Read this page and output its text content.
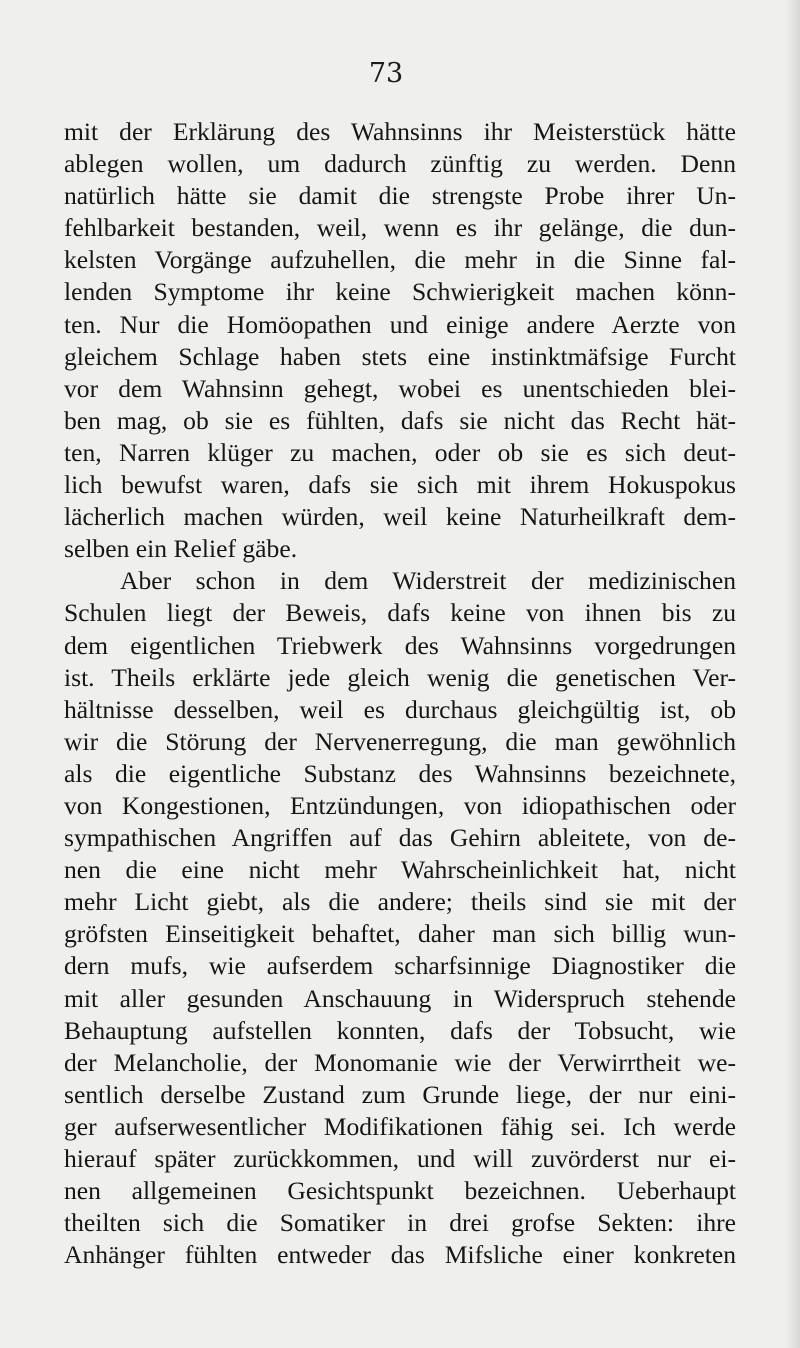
73
mit der Erklärung des Wahnsinns ihr Meisterstück hätte
ablegen wollen, um dadurch zünftig zu werden. Denn
natürlich hätte sie damit die strengste Probe ihrer Un-
fehlbarkeit bestanden, weil, wenn es ihr gelänge, die dun-
kelsten Vorgänge aufzuhellen, die mehr in die Sinne fal-
lenden Symptome ihr keine Schwierigkeit machen könn-
ten. Nur die Homöopathen und einige andere Aerzte von
gleichem Schlage haben stets eine instinktmäfsige Furcht
vor dem Wahnsinn gehegt, wobei es unentschieden blei-
ben mag, ob sie es fühlten, dafs sie nicht das Recht hät-
ten, Narren klüger zu machen, oder ob sie es sich deut-
lich bewufst waren, dafs sie sich mit ihrem Hokuspokus
lächerlich machen würden, weil keine Naturheilkraft dem-
selben ein Relief gäbe.
Aber schon in dem Widerstreit der medizinischen
Schulen liegt der Beweis, dafs keine von ihnen bis zu
dem eigentlichen Triebwerk des Wahnsinns vorgedrungen
ist. Theils erklärte jede gleich wenig die genetischen Ver-
hältnisse desselben, weil es durchaus gleichgültig ist, ob
wir die Störung der Nervenerregung, die man gewöhnlich
als die eigentliche Substanz des Wahnsinns bezeichnete,
von Kongestionen, Entzündungen, von idiopathischen oder
sympathischen Angriffen auf das Gehirn ableitete, von de-
nen die eine nicht mehr Wahrscheinlichkeit hat, nicht
mehr Licht giebt, als die andere; theils sind sie mit der
gröfsten Einseitigkeit behaftet, daher man sich billig wun-
dern mufs, wie aufserdem scharfsinnige Diagnostiker die
mit aller gesunden Anschauung in Widerspruch stehende
Behauptung aufstellen konnten, dafs der Tobsucht, wie
der Melancholie, der Monomanie wie der Verwirrtheit we-
sentlich derselbe Zustand zum Grunde liege, der nur eini-
ger aufserwesentlicher Modifikationen fähig sei. Ich werde
hierauf später zurückkommen, und will zuvörderst nur ei-
nen allgemeinen Gesichtspunkt bezeichnen. Ueberhaupt
theilten sich die Somatiker in drei grofse Sekten: ihre
Anhänger fühlten entweder das Mifsliche einer konkreten
